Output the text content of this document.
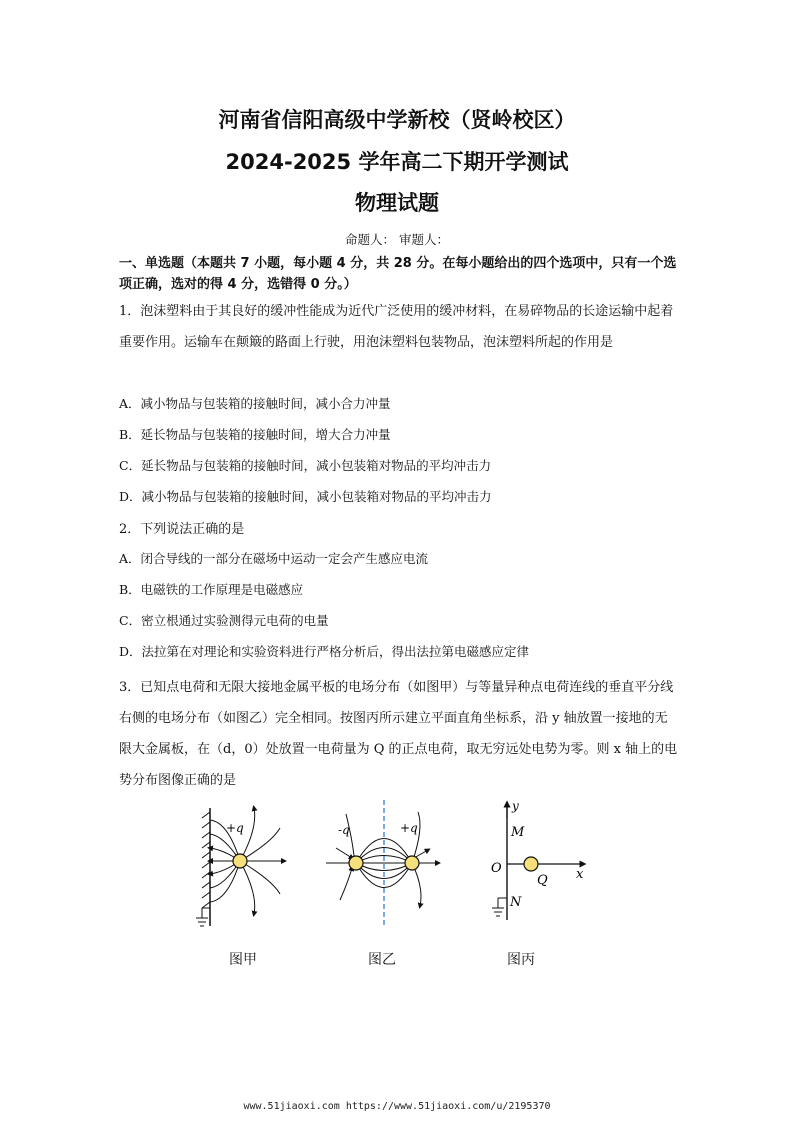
河南省信阳高级中学新校（贤岭校区）
2024-2025 学年高二下期开学测试
物理试题
命题人： 审题人：
一、单选题（本题共 7 小题，每小题 4 分，共 28 分。在每小题给出的四个选项中，只有一个选项正确，选对的得 4 分，选错得 0 分。）
1．泡沫塑料由于其良好的缓冲性能成为近代广泛使用的缓冲材料，在易碎物品的长途运输中起着重要作用。运输车在颠簸的路面上行驶，用泡沫塑料包装物品，泡沫塑料所起的作用是
A．减小物品与包装箱的接触时间，减小合力冲量
B．延长物品与包装箱的接触时间，增大合力冲量
C．延长物品与包装箱的接触时间，减小包装箱对物品的平均冲击力
D．减小物品与包装箱的接触时间，减小包装箱对物品的平均冲击力
2．下列说法正确的是
A．闭合导线的一部分在磁场中运动一定会产生感应电流
B．电磁铁的工作原理是电磁感应
C．密立根通过实验测得元电荷的电量
D．法拉第在对理论和实验资料进行严格分析后，得出法拉第电磁感应定律
3．已知点电荷和无限大接地金属平板的电场分布（如图甲）与等量异种点电荷连线的垂直平分线右侧的电场分布（如图乙）完全相同。按图丙所示建立平面直角坐标系，沿 y 轴放置一接地的无限大金属板，在（d，0）处放置一电荷量为 Q 的正点电荷，取无穷远处电势为零。则 x 轴上的电势分布图像正确的是
+q	-q	+q
y
x
M
N
O
Q
图甲	图乙	图丙
www.51jiaoxi.com https://www.51jiaoxi.com/u/2195370
